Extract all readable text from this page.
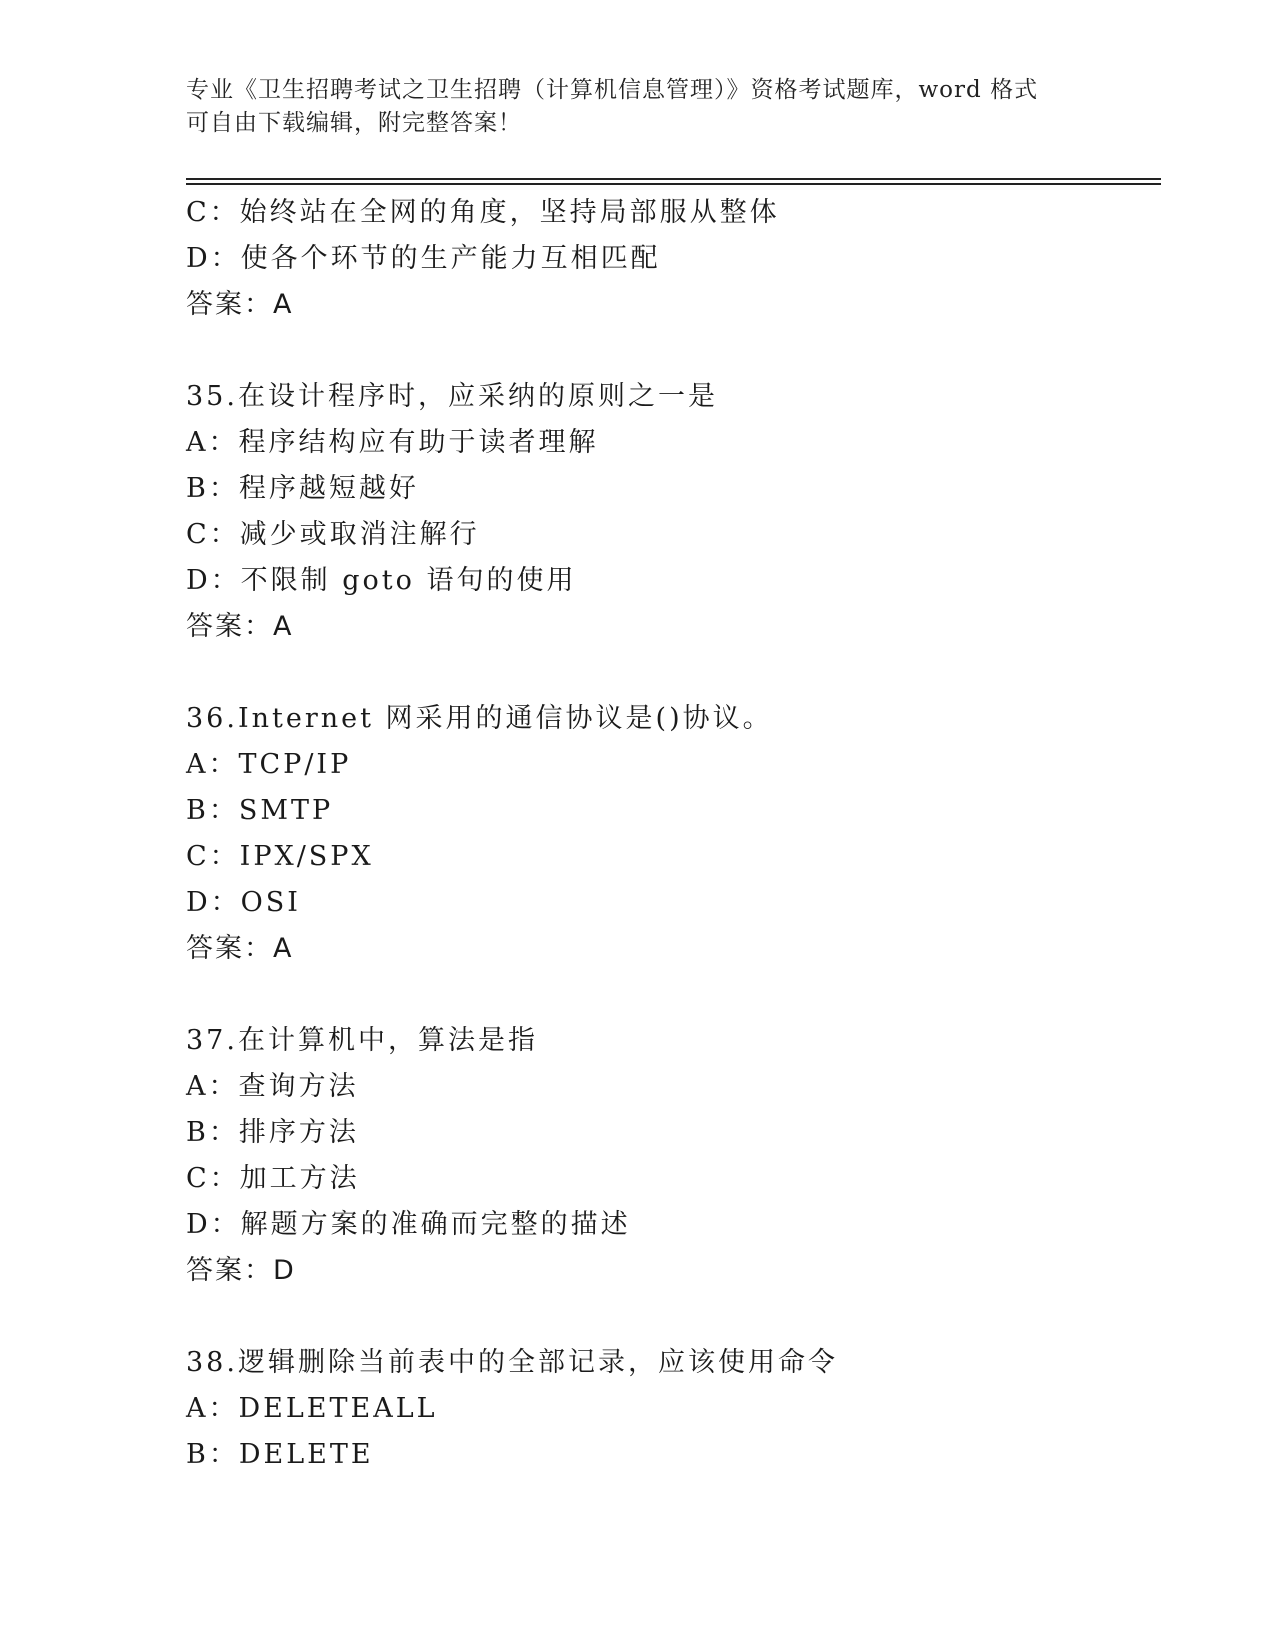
专业《卫生招聘考试之卫生招聘（计算机信息管理）》资格考试题库，word 格式
可自由下载编辑，附完整答案！
C：始终站在全网的角度，坚持局部服从整体
D：使各个环节的生产能力互相匹配
答案：A
35.在设计程序时，应采纳的原则之一是
A：程序结构应有助于读者理解
B：程序越短越好
C：减少或取消注解行
D：不限制 goto 语句的使用
答案：A
36.Internet 网采用的通信协议是()协议。
A：TCP/IP
B：SMTP
C：IPX/SPX
D：OSI
答案：A
37.在计算机中，算法是指
A：查询方法
B：排序方法
C：加工方法
D：解题方案的准确而完整的描述
答案：D
38.逻辑删除当前表中的全部记录，应该使用命令
A：DELETEALL
B：DELETE
